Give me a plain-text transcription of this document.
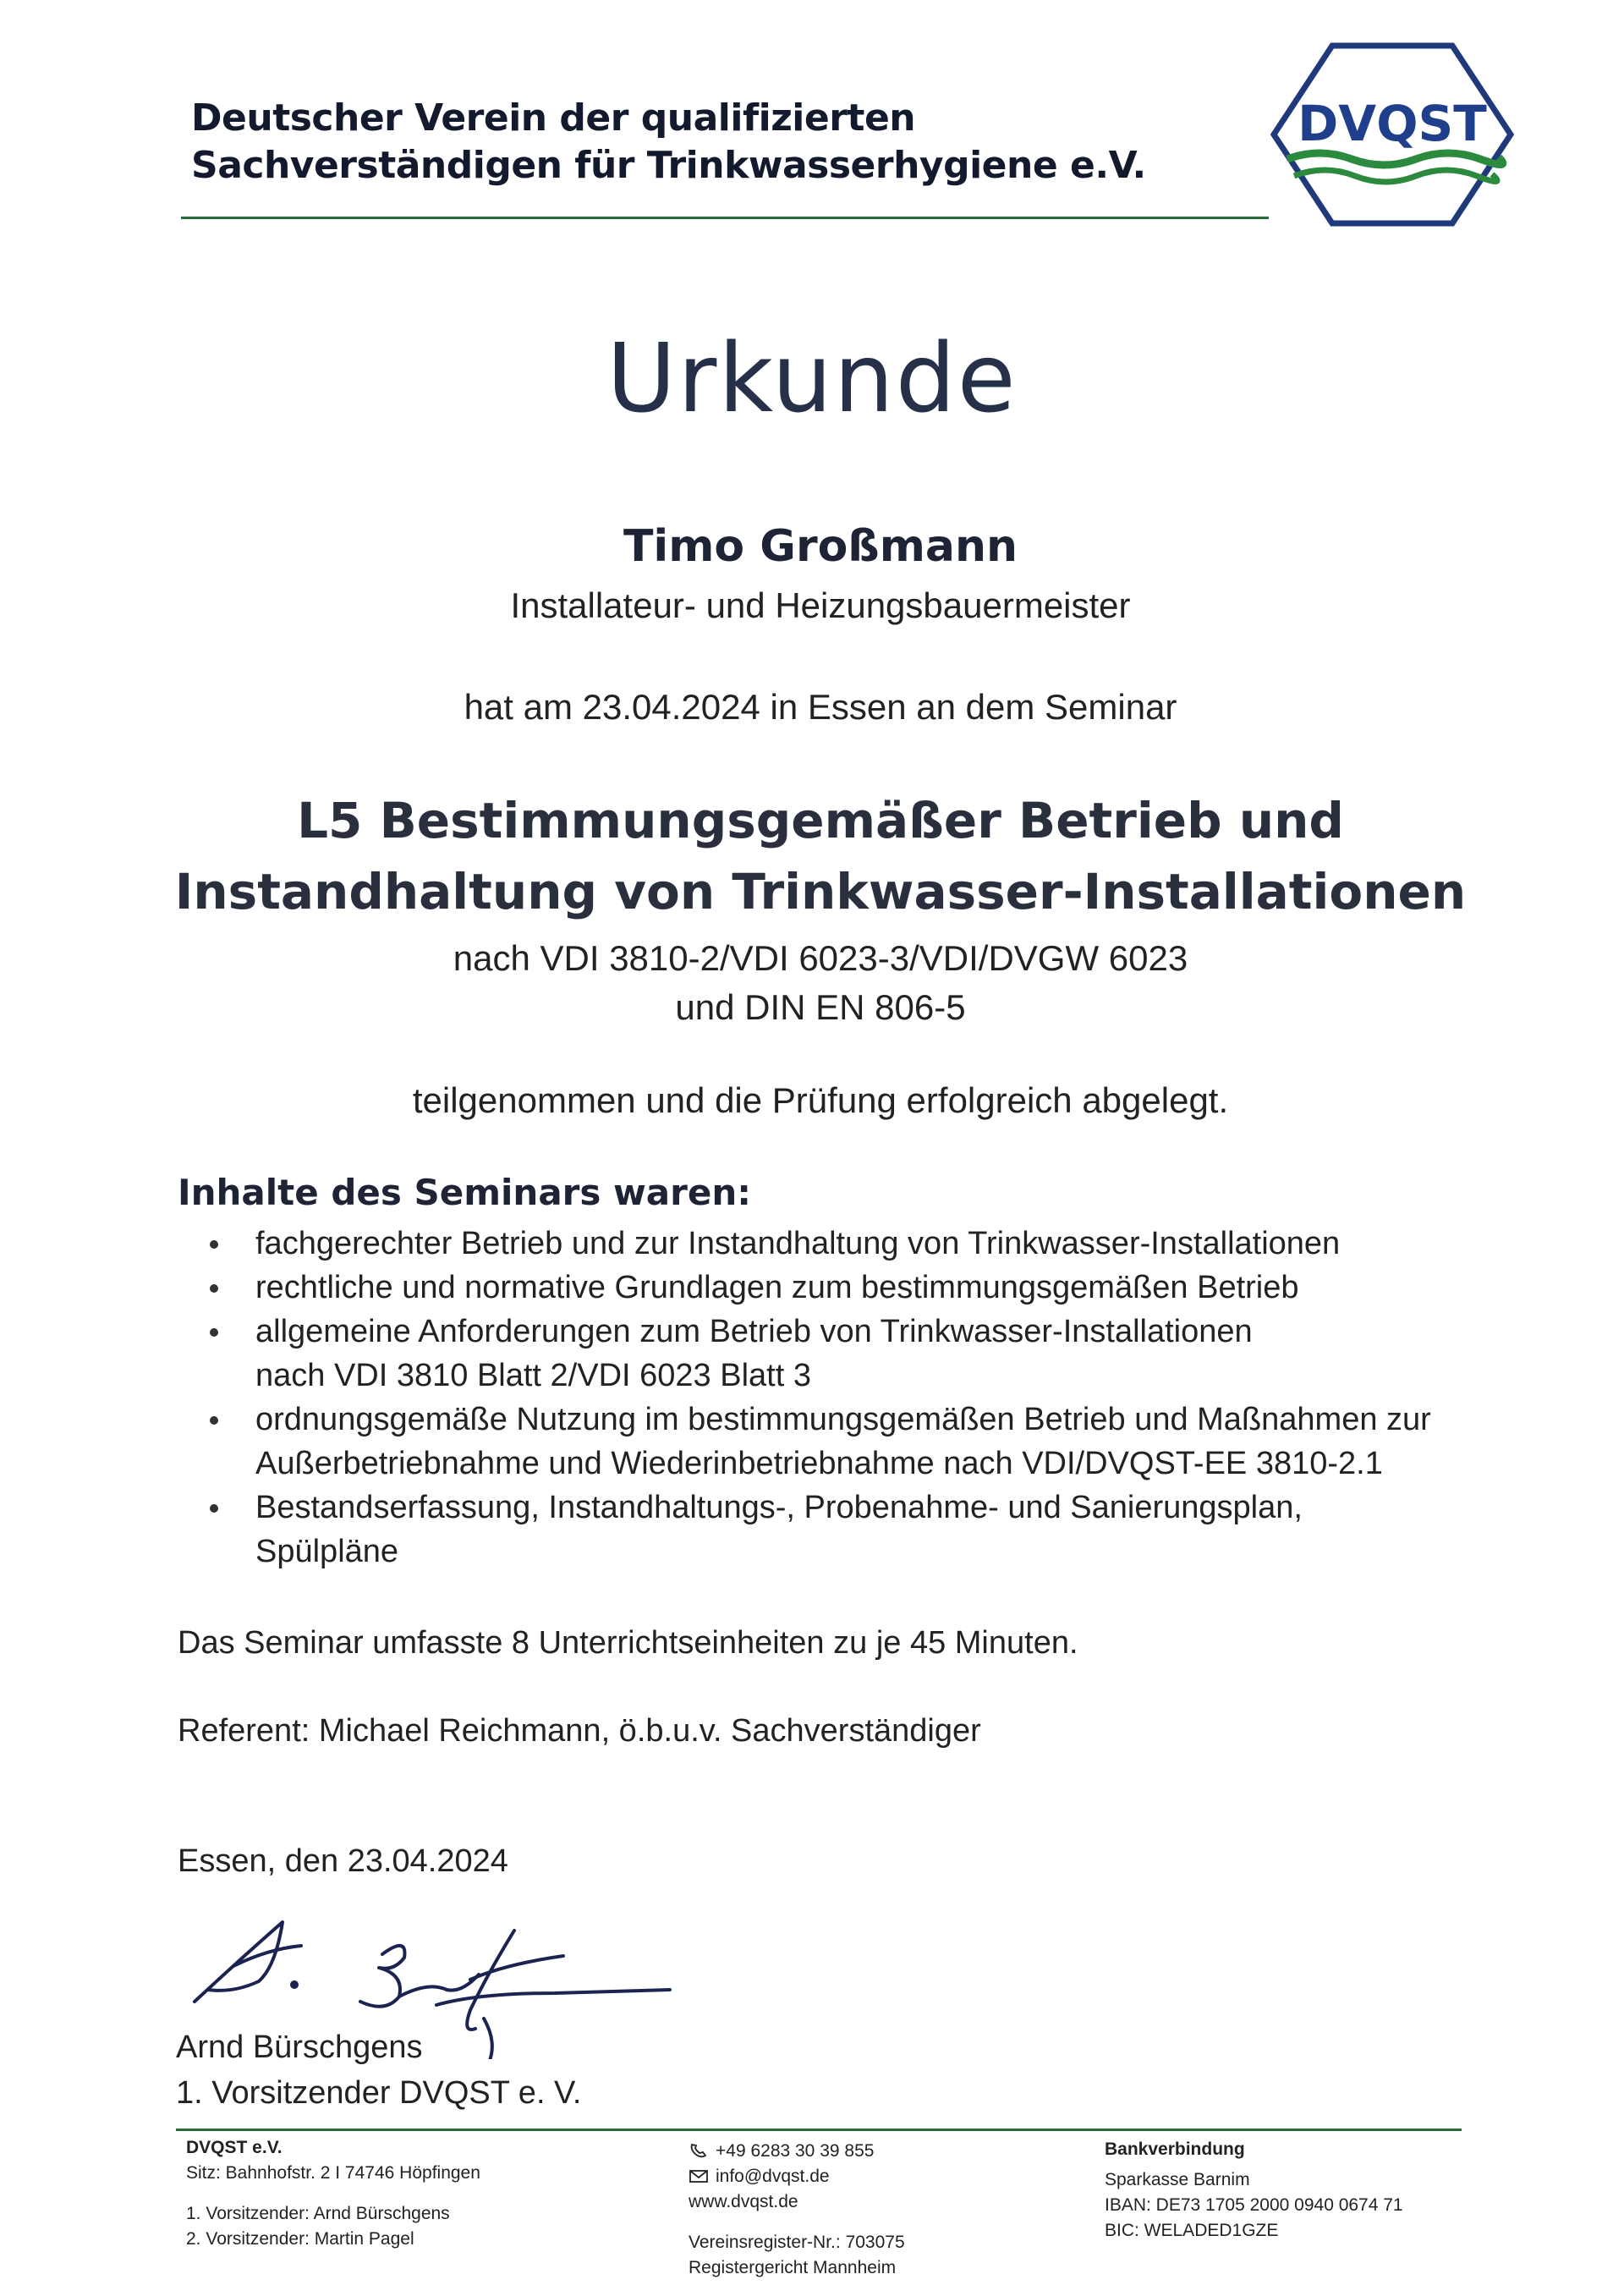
Deutscher Verein der qualifizierten
Sachverständigen für Trinkwasserhygiene e.V.
DVQST
Urkunde
Timo Großmann
Installateur- und Heizungsbauermeister
hat am 23.04.2024 in Essen an dem Seminar
L5 Bestimmungsgemäßer Betrieb und
Instandhaltung von Trinkwasser-Installationen
nach VDI 3810-2/VDI 6023-3/VDI/DVGW 6023
und DIN EN 806-5
teilgenommen und die Prüfung erfolgreich abgelegt.
Inhalte des Seminars waren:
fachgerechter Betrieb und zur Instandhaltung von Trinkwasser-Installationen
rechtliche und normative Grundlagen zum bestimmungsgemäßen Betrieb
allgemeine Anforderungen zum Betrieb von Trinkwasser-Installationen
nach VDI 3810 Blatt 2/VDI 6023 Blatt 3
ordnungsgemäße Nutzung im bestimmungsgemäßen Betrieb und Maßnahmen zur
Außerbetriebnahme und Wiederinbetriebnahme nach VDI/DVQST-EE 3810-2.1
Bestandserfassung, Instandhaltungs-, Probenahme- und Sanierungsplan,
Spülpläne
Das Seminar umfasste 8 Unterrichtseinheiten zu je 45 Minuten.
Referent: Michael Reichmann, ö.b.u.v. Sachverständiger
Essen, den 23.04.2024
Arnd Bürschgens
1. Vorsitzender DVQST e. V.
DVQST e.V.
Sitz: Bahnhofstr. 2 I 74746 Höpfingen
1. Vorsitzender: Arnd Bürschgens
2. Vorsitzender: Martin Pagel
+49 6283 30 39 855
info@dvqst.de
www.dvqst.de
Vereinsregister-Nr.: 703075
Registergericht Mannheim
Bankverbindung
Sparkasse Barnim
IBAN: DE73 1705 2000 0940 0674 71
BIC: WELADED1GZE
